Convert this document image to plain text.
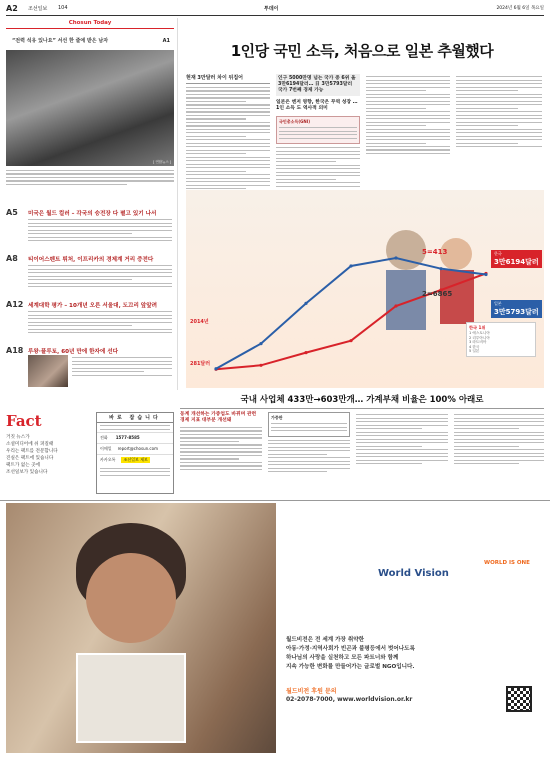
A2 조선일보 104	투데이	2024년 6월 6일 목요일
Chosun Today
“전력 석유 있나요” 서선 한 줄에 받은 남자	A1
[ 연합뉴스 ]
A5 미국은 월드 컬러 – 각국의 승전장 다 펼고 있기 나서
A8 티이어스펜트 튀처, 이프리카의 경제계 거리 증전다
A12 세계대학 평가 – 10개년 오른 서울대, 도끄리 앞앞려
A18 루왕·플루토, 60년 만에 한자에 선다
1인당 국민 소득, 처음으로 일본 추월했다
현재 3만달러 차이 뒤집어	인구 5000만명 넘는 국가 중 6위 올 3만6194달러… 日 3만5793달러 국가 7번째 경제 가능
일본은 엔저 영향, 한국은 무역 성장 … 1인 소득 도 역사적 의미
국민총소득(GNI)
2014년
281달러
5=413
2=6865
한국
3만6194달러
일본
3만5793달러
한국 1위
1 에스토니아
2 리투아니아
3 라트비아
4 한국
5 일본
국내 사업체 433만→603만개… 가계부채 비율은 100% 아래로
동계 개선하는 가증업도 바뀌며 관련 경제 지표 대부분 개선돼
가증판
Fact
거짓 뉴스가
소셜미디어에 쉬 퍼질때
우리는 팩트를 전문합니다
진실은 팩트에 있습니다
팩트가 없는 곳에
조선일보가 있습니다
바로 잡습니다
전화 1577-8585
이메일 report@chosun.com
카카오톡	조선일보 제보
World Vision
WORLD IS ONE
월드비전은 전 세계 가장 취약한
아동·가정·지역사회가 빈곤과 불평등에서 벗어나도록
하나님의 사랑을 실천하고 모든 파트너와 함께
지속 가능한 변화를 만들어가는 글로벌 NGO입니다.
월드비전 후원 문의
02-2078-7000, www.worldvision.or.kr
